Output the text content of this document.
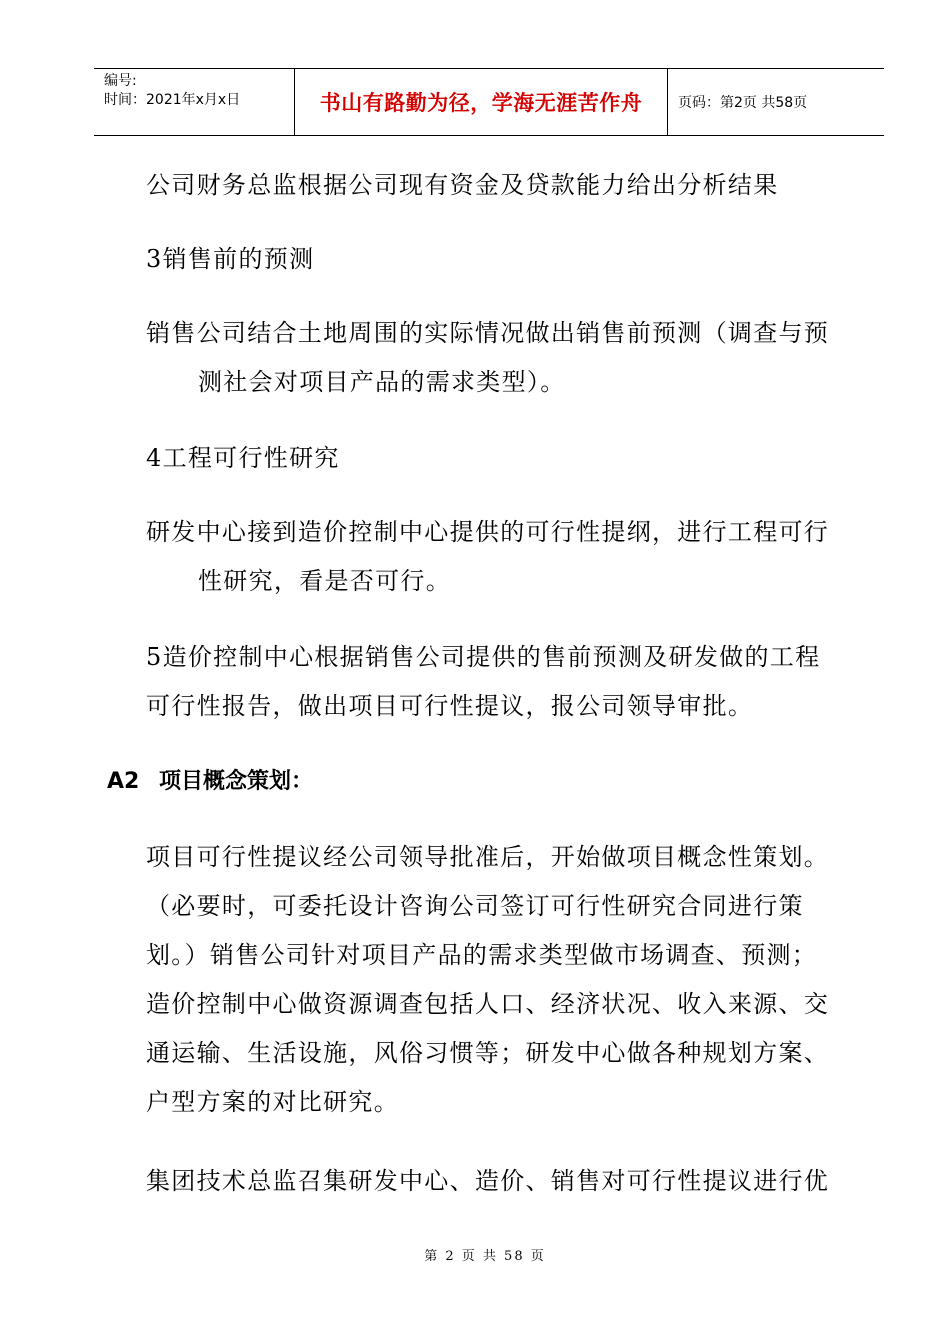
编号:
时间：2021年x月x日	书山有路勤为径，学海无涯苦作舟	页码：第2页 共58页
公司财务总监根据公司现有资金及贷款能力给出分析结果
3销售前的预测
销售公司结合土地周围的实际情况做出销售前预测（调查与预
测社会对项目产品的需求类型）。
4工程可行性研究
研发中心接到造价控制中心提供的可行性提纲，进行工程可行
性研究，看是否可行。
5造价控制中心根据销售公司提供的售前预测及研发做的工程
可行性报告，做出项目可行性提议，报公司领导审批。
A2 项目概念策划：
项目可行性提议经公司领导批准后，开始做项目概念性策划。
（必要时，可委托设计咨询公司签订可行性研究合同进行策
划。）销售公司针对项目产品的需求类型做市场调查、预测；
造价控制中心做资源调查包括人口、经济状况、收入来源、交
通运输、生活设施，风俗习惯等；研发中心做各种规划方案、
户型方案的对比研究。
集团技术总监召集研发中心、造价、销售对可行性提议进行优
第 2 页 共 58 页
